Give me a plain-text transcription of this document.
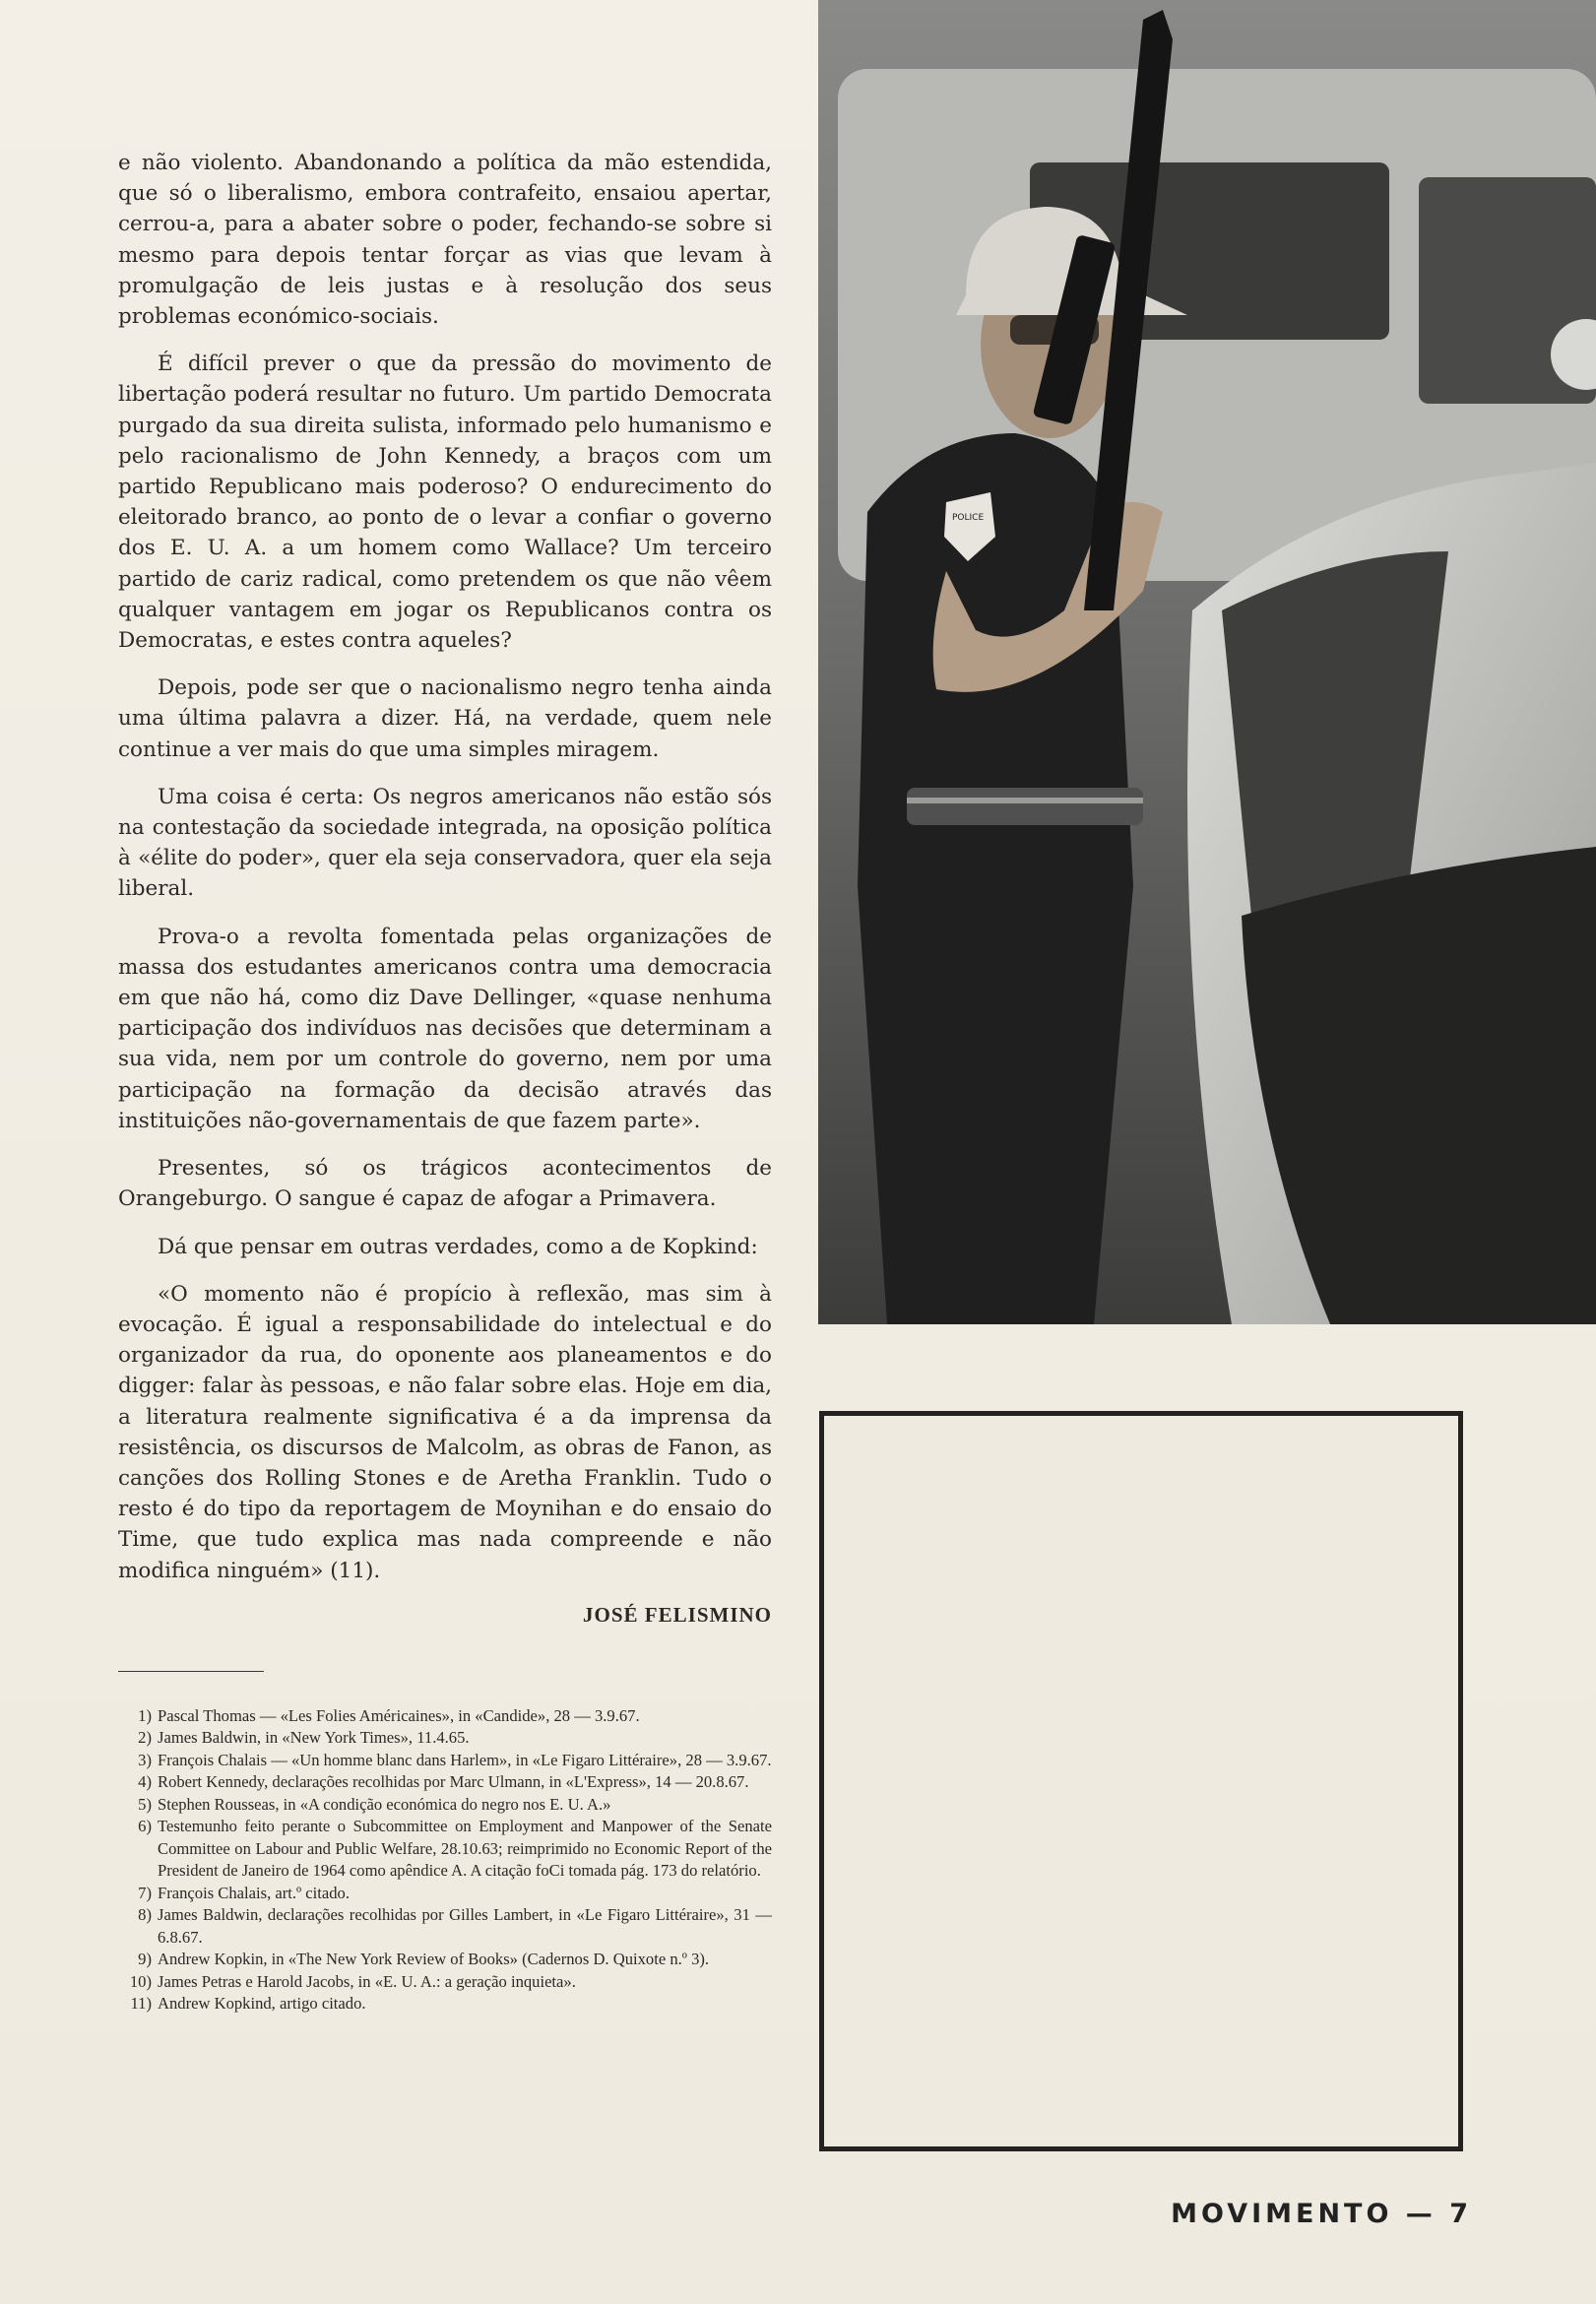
e não violento. Abandonando a política da mão estendida, que só o liberalismo, embora contrafeito, ensaiou apertar, cerrou-a, para a abater sobre o poder, fechando-se sobre si mesmo para depois tentar forçar as vias que levam à promulgação de leis justas e à resolução dos seus problemas económico-sociais.

É difícil prever o que da pressão do movimento de libertação poderá resultar no futuro. Um partido Democrata purgado da sua direita sulista, informado pelo humanismo e pelo racionalismo de John Kennedy, a braços com um partido Republicano mais poderoso? O endurecimento do eleitorado branco, ao ponto de o levar a confiar o governo dos E. U. A. a um homem como Wallace? Um terceiro partido de cariz radical, como pretendem os que não vêem qualquer vantagem em jogar os Republicanos contra os Democratas, e estes contra aqueles?

Depois, pode ser que o nacionalismo negro tenha ainda uma última palavra a dizer. Há, na verdade, quem nele continue a ver mais do que uma simples miragem.

Uma coisa é certa: Os negros americanos não estão sós na contestação da sociedade integrada, na oposição política à «élite do poder», quer ela seja conservadora, quer ela seja liberal.

Prova-o a revolta fomentada pelas organizações de massa dos estudantes americanos contra uma democracia em que não há, como diz Dave Dellinger, «quase nenhuma participação dos indivíduos nas decisões que determinam a sua vida, nem por um controle do governo, nem por uma participação na formação da decisão através das instituições não-governamentais de que fazem parte».

Presentes, só os trágicos acontecimentos de Orangeburgo. O sangue é capaz de afogar a Primavera.

Dá que pensar em outras verdades, como a de Kopkind:

«O momento não é propício à reflexão, mas sim à evocação. É igual a responsabilidade do intelectual e do organizador da rua, do oponente aos planeamentos e do digger: falar às pessoas, e não falar sobre elas. Hoje em dia, a literatura realmente significativa é a da imprensa da resistência, os discursos de Malcolm, as obras de Fanon, as canções dos Rolling Stones e de Aretha Franklin. Tudo o resto é do tipo da reportagem de Moynihan e do ensaio do Time, que tudo explica mas nada compreende e não modifica ninguém» (11).

JOSÉ FELISMINO
1) Pascal Thomas — «Les Folies Américaines», in «Candide», 28 — 3.9.67.
2) James Baldwin, in «New York Times», 11.4.65.
3) François Chalais — «Un homme blanc dans Harlem», in «Le Figaro Littéraire», 28 — 3.9.67.
4) Robert Kennedy, declarações recolhidas por Marc Ulmann, in «L'Express», 14 — 20.8.67.
5) Stephen Rousseas, in «A condição económica do negro nos E. U. A.»
6) Testemunho feito perante o Subcommittee on Employment and Manpower of the Senate Committee on Labour and Public Welfare, 28.10.63; reimprimido no Economic Report of the President de Janeiro de 1964 como apêndice A. A citação foCi tomada pág. 173 do relatório.
7) François Chalais, art.º citado.
8) James Baldwin, declarações recolhidas por Gilles Lambert, in «Le Figaro Littéraire», 31 — 6.8.67.
9) Andrew Kopkin, in «The New York Review of Books» (Cadernos D. Quixote n.º 3).
10) James Petras e Harold Jacobs, in «E. U. A.: a geração inquieta».
11) Andrew Kopkind, artigo citado.
POLICE
MOVIMENTO — 7
